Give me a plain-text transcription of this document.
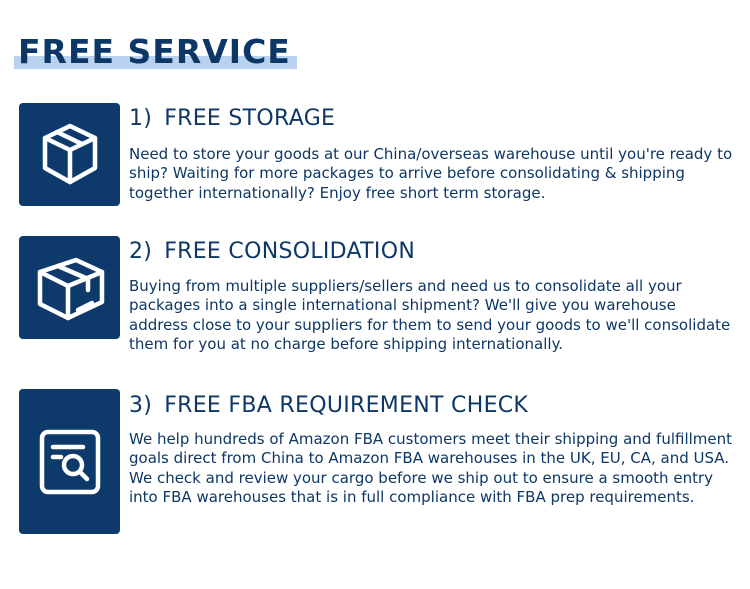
FREE SERVICE
1) FREE STORAGE

Need to store your goods at our China/overseas warehouse until you're ready to ship? Waiting for more packages to arrive before consolidating & shipping together internationally? Enjoy free short term storage.

2) FREE CONSOLIDATION

Buying from multiple suppliers/sellers and need us to consolidate all your packages into a single international shipment? We'll give you warehouse address close to your suppliers for them to send your goods to we'll consolidate them for you at no charge before shipping internationally.

3) FREE FBA REQUIREMENT CHECK

We help hundreds of Amazon FBA customers meet their shipping and fulfillment goals direct from China to Amazon FBA warehouses in the UK, EU, CA, and USA. We check and review your cargo before we ship out to ensure a smooth entry into FBA warehouses that is in full compliance with FBA prep requirements.
